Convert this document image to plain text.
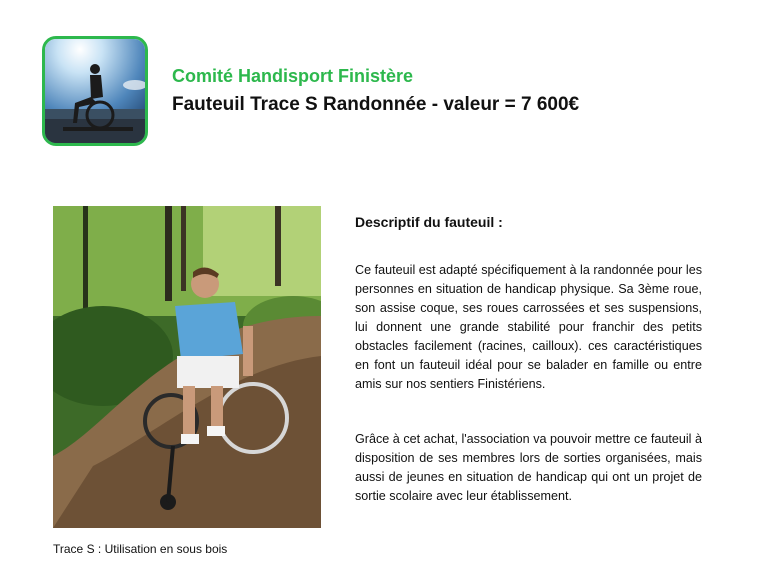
Comité Handisport Finistère
Fauteuil Trace S Randonnée - valeur = 7 600€
Trace S : Utilisation en sous bois
Descriptif du fauteuil :

Ce fauteuil est adapté spécifiquement à la randonnée pour les personnes en situation de handicap physique. Sa 3ème roue, son assise coque, ses roues carrossées et ses suspensions, lui donnent une grande stabilité pour franchir des petits obstacles facilement (racines, cailloux). ces caractéristiques en font un fauteuil idéal pour se balader en famille ou entre amis sur nos sentiers Finistériens.

Grâce à cet achat, l'association va pouvoir mettre ce fauteuil à disposition de ses membres lors de sorties organisées, mais aussi de jeunes en situation de handicap qui ont un projet de sortie scolaire avec leur établissement.
